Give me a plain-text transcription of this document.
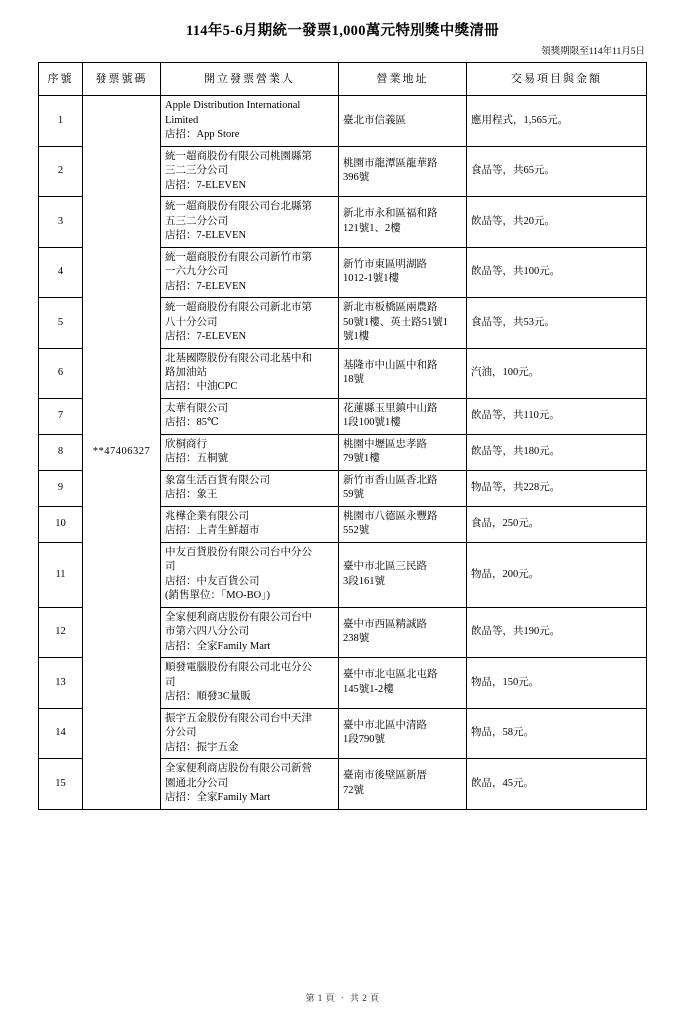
114年5-6月期統一發票1,000萬元特別獎中獎清冊
領獎期限至114年11月5日
序號	發票號碼	開立發票營業人	營業地址	交易項目與金額
1	**47406327	Apple Distribution International
Limited
店招：App Store	臺北市信義區	應用程式，1,565元。

2		統一超商股份有限公司桃園縣第
三二三分公司
店招：7-ELEVEN	桃園市龍潭區龍華路
396號	食品等，共65元。

3		統一超商股份有限公司台北縣第
五三二分公司
店招：7-ELEVEN	新北市永和區福和路
121號1、2樓	飲品等，共20元。

4		統一超商股份有限公司新竹市第
一六九分公司
店招：7-ELEVEN	新竹市東區明湖路
1012-1號1樓	飲品等，共100元。

5		統一超商股份有限公司新北市第
八十分公司
店招：7-ELEVEN	新北市板橋區兩農路
50號1樓、英士路51號1
號1樓	食品等，共53元。

6		北基國際股份有限公司北基中和
路加油站
店招：中油CPC	基隆市中山區中和路
18號	汽油，100元。

7		太華有限公司
店招：85℃	花蓮縣玉里鎮中山路
1段100號1樓	飲品等，共110元。

8		欣桐商行
店招：五桐號	桃園中壢區忠孝路
79號1樓	飲品等，共180元。

9		象富生活百貨有限公司
店招：象王	新竹市香山區香北路
59號	物品等，共228元。

10		兆樺企業有限公司
店招：上青生鮮超市	桃園市八德區永豐路
552號	食品，250元。

11		中友百貨股份有限公司台中分公
司
店招：中友百貨公司
(銷售單位：「MO-BO」)	臺中市北區三民路
3段161號	物品，200元。

12		全家便利商店股份有限公司台中
市第六四八分公司
店招：全家Family Mart	臺中市西區精誠路
238號	飲品等，共190元。

13		順發電腦股份有限公司北屯分公
司
店招：順發3C量販	臺中市北屯區北屯路
145號1-2樓	物品，150元。

14		振宇五金股份有限公司台中天津
分公司
店招：振宇五金	臺中市北區中清路
1段790號	物品，58元。

15		全家便利商店股份有限公司新營
園通北分公司
店招：全家Family Mart	臺南市後壁區新厝
72號	飲品，45元。
第 1 頁 ‧ 共 2 頁
